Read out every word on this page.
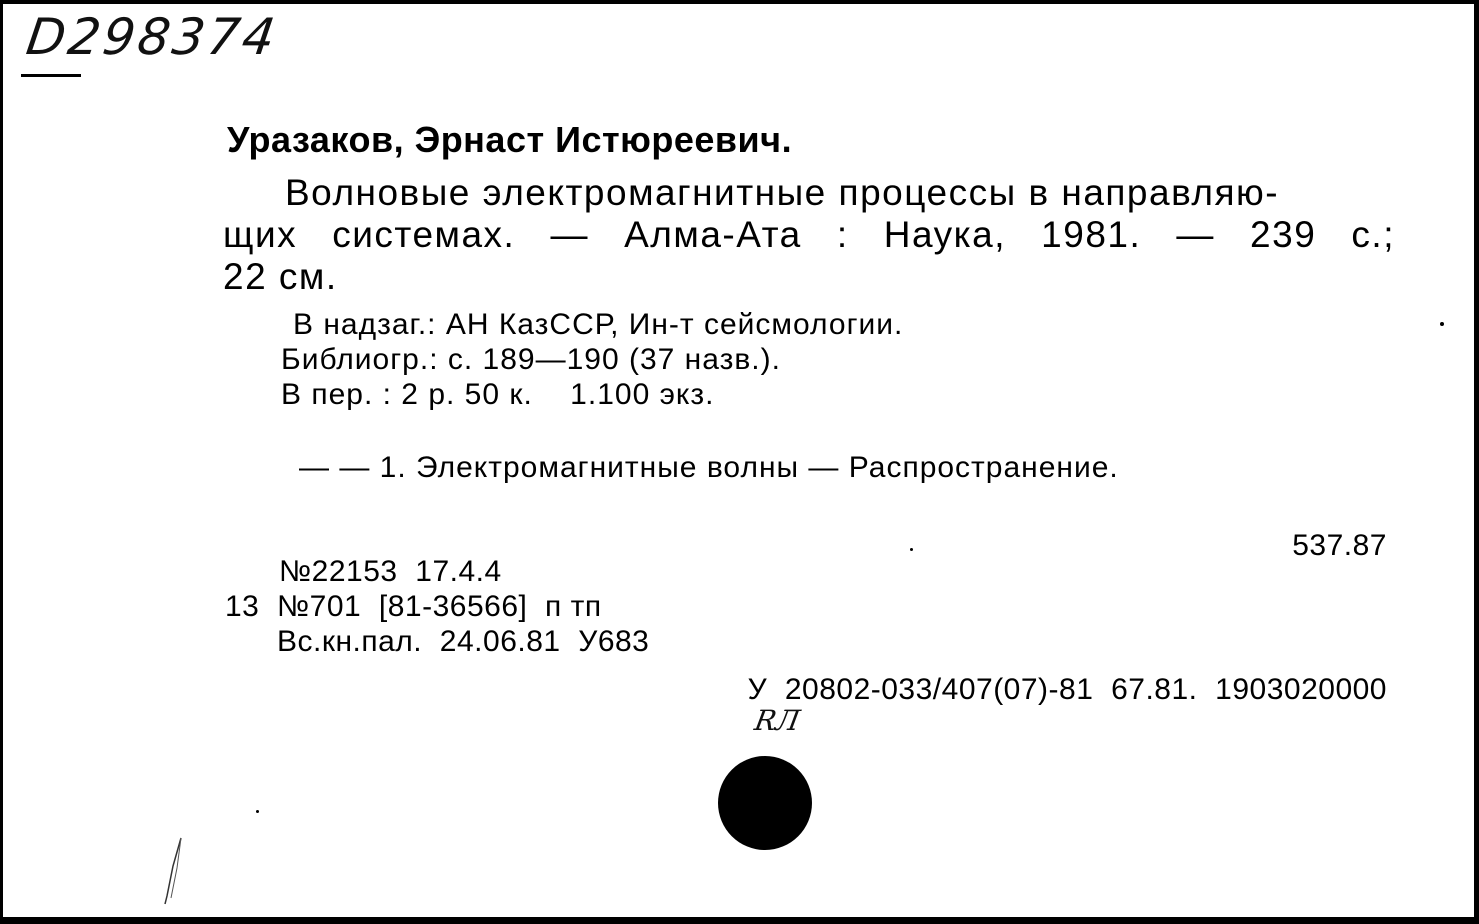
D298374
Уразаков, Эрнаст Истюреевич.
Волновые электромагнитные процессы в направляю-
щих системах. — Алма-Ата : Наука, 1981. — 239 с.;
22 см.
В надзаг.: АН КазССР, Ин-т сейсмологии.
Библиогр.: с. 189—190 (37 назв.).
В пер. : 2 р. 50 к.    1.100 экз.
— — 1. Электромагнитные волны — Распространение.
537.87
№22153  17.4.4
13 №701  [81-36566]  п тп
Вс.кн.пал.  24.06.81  У683
У  20802-033/407(07)-81  67.81.  1903020000
RЛ
